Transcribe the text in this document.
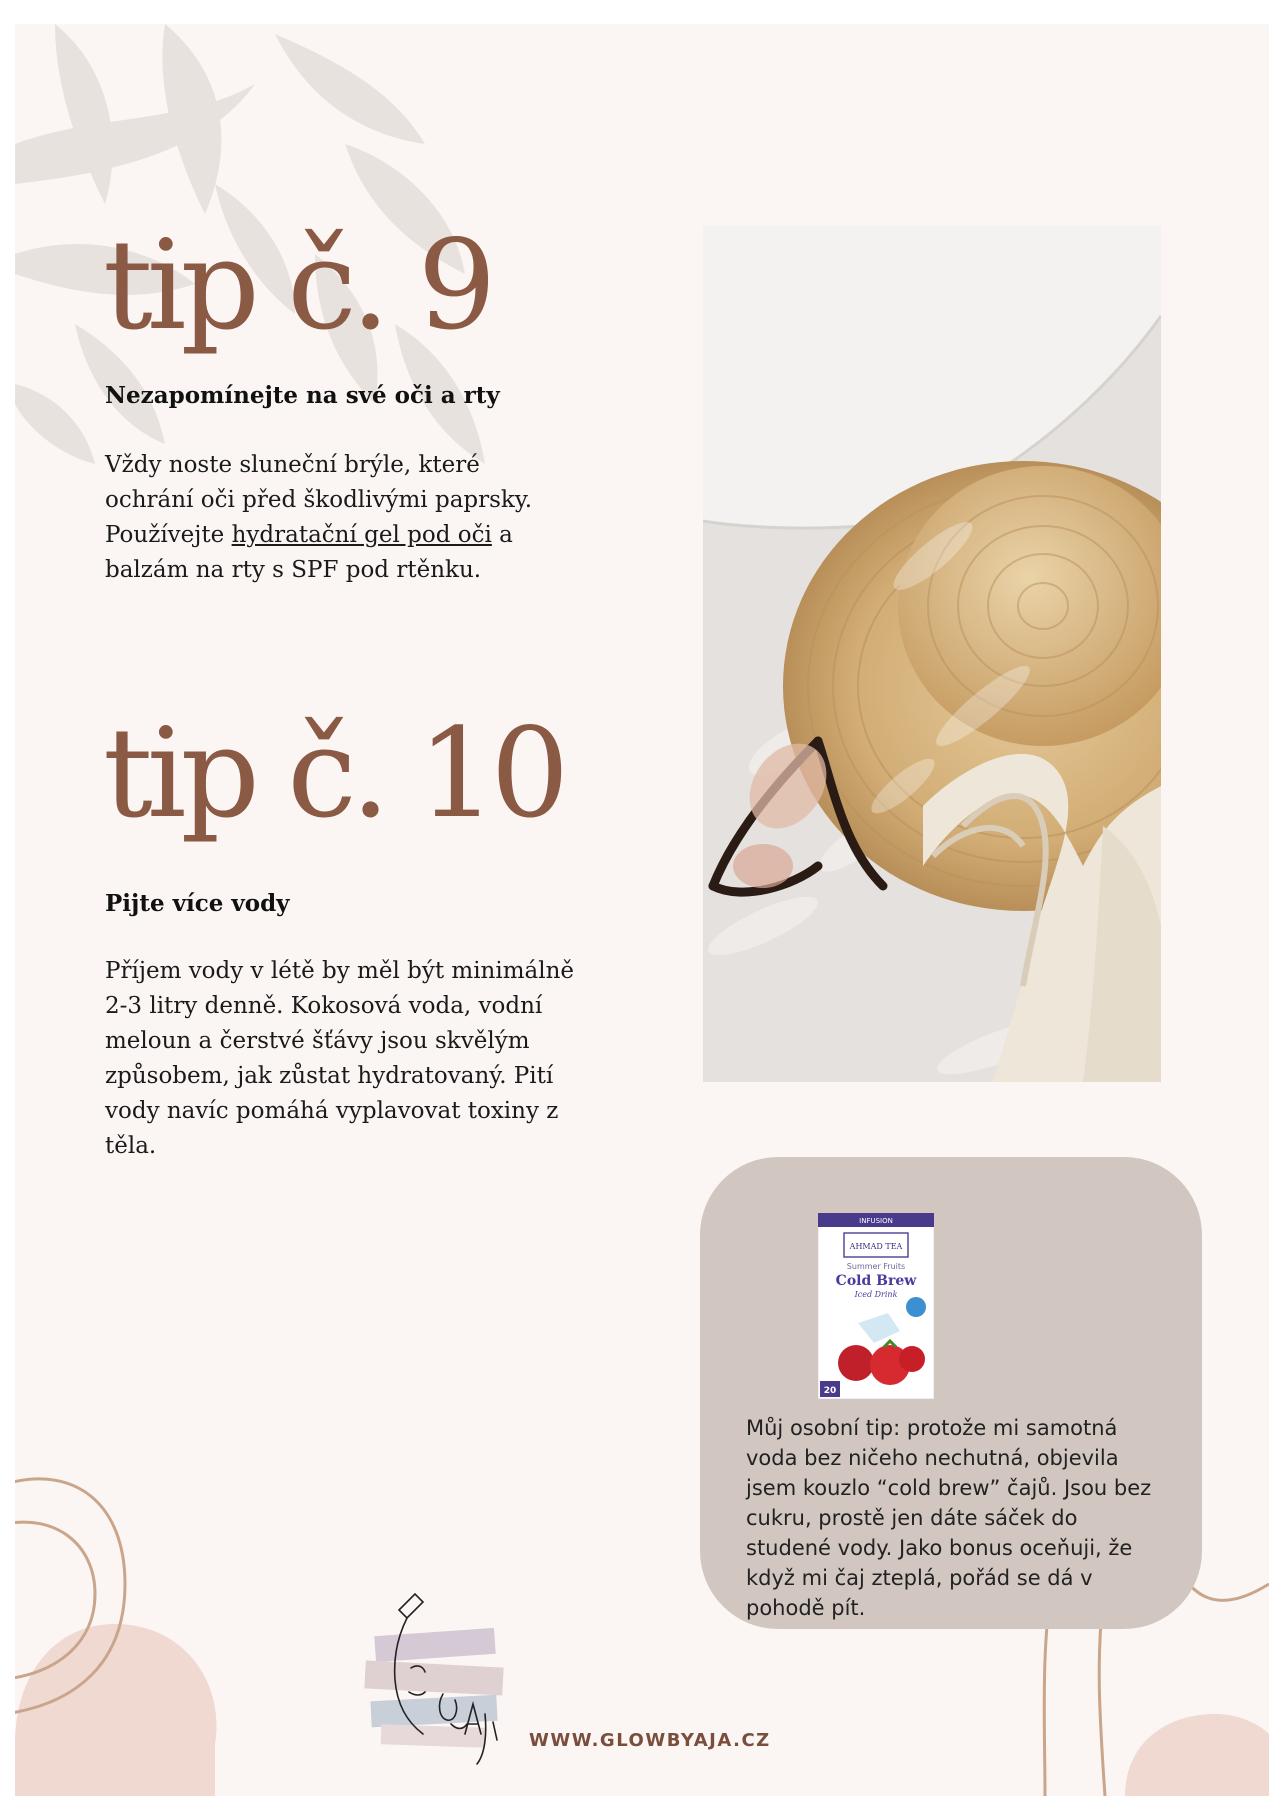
tip č. 9
Nezapomínejte na své oči a rty

Vždy noste sluneční brýle, které ochrání oči před škodlivými paprsky. Používejte hydratační gel pod oči a balzám na rty s SPF pod rtěnku.

tip č. 10
Pijte více vody

Příjem vody v létě by měl být minimálně 2-3 litry denně. Kokosová voda, vodní meloun a čerstvé šťávy jsou skvělým způsobem, jak zůstat hydratovaný. Pití vody navíc pomáhá vyplavovat toxiny z těla.

INFUSION
AHMAD TEA
Summer Fruits
Cold Brew
Iced Drink
20

Můj osobní tip: protože mi samotná voda bez ničeho nechutná, objevila jsem kouzlo “cold brew” čajů. Jsou bez cukru, prostě jen dáte sáček do studené vody. Jako bonus oceňuji, že když mi čaj zteplá, pořád se dá v pohodě pít.

WWW.GLOWBYAJA.CZ
